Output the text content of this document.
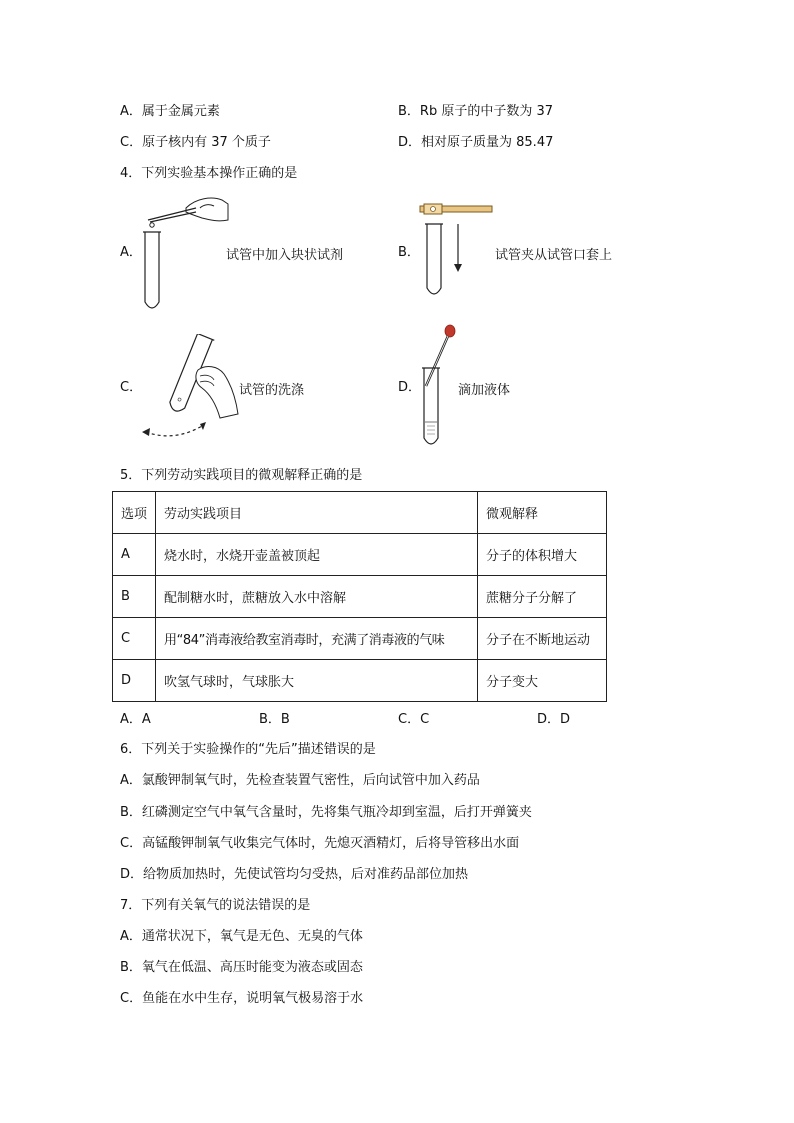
A．属于金属元素	B．Rb 原子的中子数为 37
C．原子核内有 37 个质子	D．相对原子质量为 85.47
4．下列实验基本操作正确的是
A．	试管中加入块状试剂	B．	试管夹从试管口套上
C．	试管的洗涤	D．	滴加液体
5．下列劳动实践项目的微观解释正确的是
选项	劳动实践项目	微观解释
A	烧水时，水烧开壶盖被顶起	分子的体积增大
B	配制糖水时，蔗糖放入水中溶解	蔗糖分子分解了
C	用“84”消毒液给教室消毒时，充满了消毒液的气味	分子在不断地运动
D	吹氢气球时，气球胀大	分子变大
A．A	B．B	C．C	D．D
6．下列关于实验操作的“先后”描述错误的是
A．氯酸钾制氧气时，先检查装置气密性，后向试管中加入药品
B．红磷测定空气中氧气含量时，先将集气瓶冷却到室温，后打开弹簧夹
C．高锰酸钾制氧气收集完气体时，先熄灭酒精灯，后将导管移出水面
D．给物质加热时，先使试管均匀受热，后对准药品部位加热
7．下列有关氧气的说法错误的是
A．通常状况下，氧气是无色、无臭的气体
B．氧气在低温、高压时能变为液态或固态
C．鱼能在水中生存，说明氧气极易溶于水
